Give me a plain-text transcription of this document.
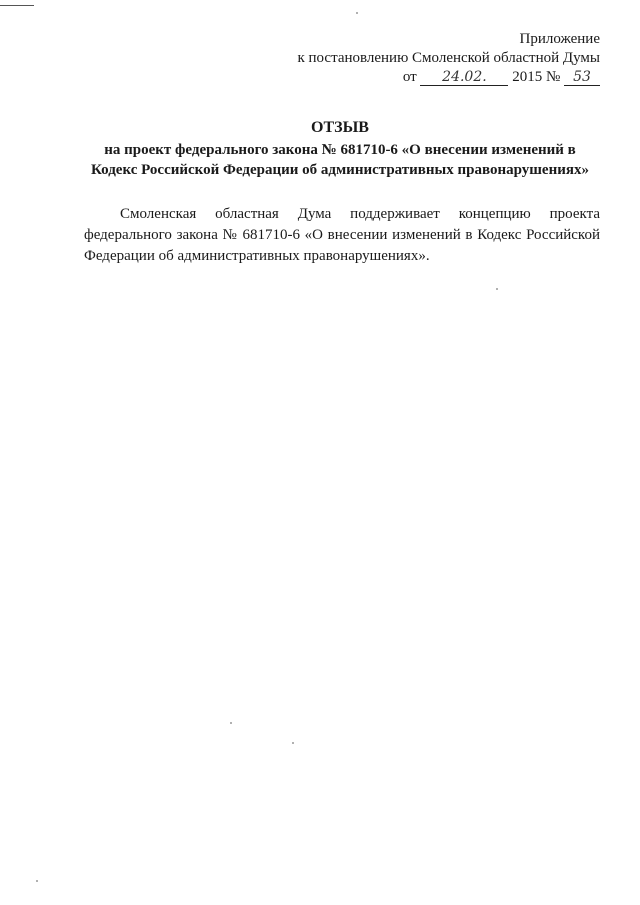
Приложение
к постановлению Смоленской областной Думы
от 24.02. 2015 № 53
ОТЗЫВ
на проект федерального закона № 681710-6 «О внесении изменений в
Кодекс Российской Федерации об административных правонарушениях»

Смоленская областная Дума поддерживает концепцию проекта федерального закона № 681710-6 «О внесении изменений в Кодекс Российской Федерации об административных правонарушениях».
